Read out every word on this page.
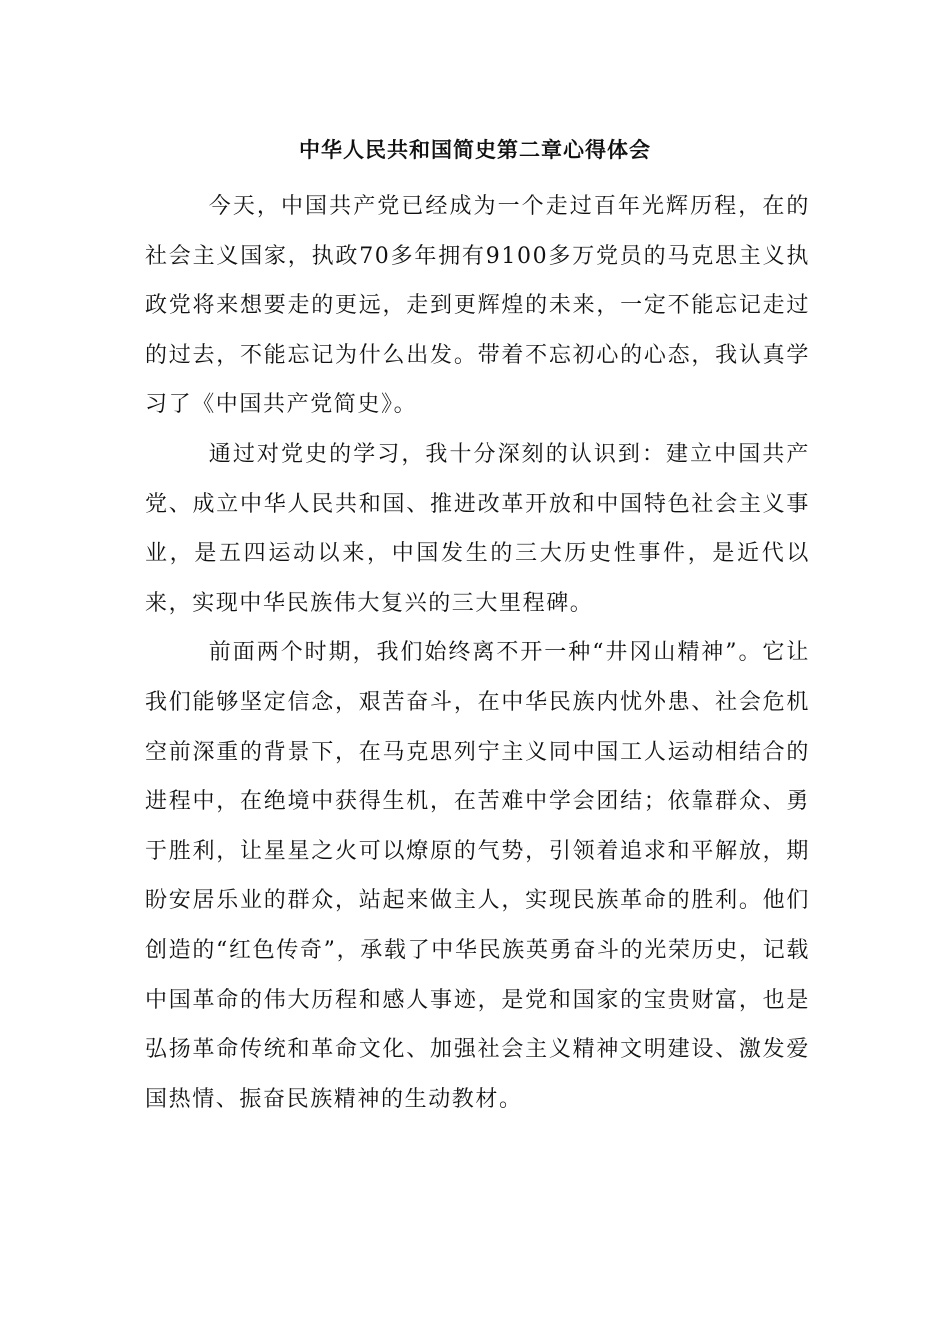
中华人民共和国简史第二章心得体会

今天，中国共产党已经成为一个走过百年光辉历程，在的社会主义国家，执政70多年拥有9100多万党员的马克思主义执政党将来想要走的更远，走到更辉煌的未来，一定不能忘记走过的过去，不能忘记为什么出发。带着不忘初心的心态，我认真学习了《中国共产党简史》。

通过对党史的学习，我十分深刻的认识到：建立中国共产党、成立中华人民共和国、推进改革开放和中国特色社会主义事业，是五四运动以来，中国发生的三大历史性事件，是近代以来，实现中华民族伟大复兴的三大里程碑。

前面两个时期，我们始终离不开一种“井冈山精神”。它让我们能够坚定信念，艰苦奋斗，在中华民族内忧外患、社会危机空前深重的背景下，在马克思列宁主义同中国工人运动相结合的进程中，在绝境中获得生机，在苦难中学会团结；依靠群众、勇于胜利，让星星之火可以燎原的气势，引领着追求和平解放，期盼安居乐业的群众，站起来做主人，实现民族革命的胜利。他们创造的“红色传奇”，承载了中华民族英勇奋斗的光荣历史，记载中国革命的伟大历程和感人事迹，是党和国家的宝贵财富，也是弘扬革命传统和革命文化、加强社会主义精神文明建设、激发爱国热情、振奋民族精神的生动教材。
